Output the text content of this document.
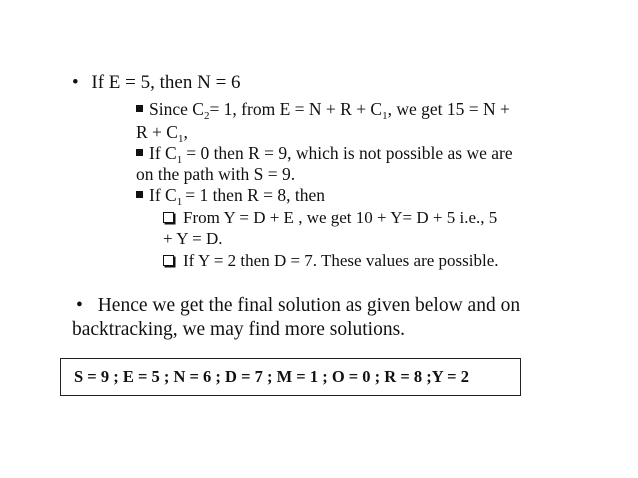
• If E = 5, then N = 6
Since $C_2= 1$, from $E = N + R + C_1$, we get 15 = N +
$R + C_1$,
If $C_1 = 0$ then R = 9, which is not possible as we are
on the path with S = 9.
If $C_1 = 1$ then R = 8, then
From Y = D + E , we get 10 + Y= D + 5 i.e., 5
+ Y = D.
If Y = 2 then D = 7. These values are possible.
• Hence we get the final solution as given below and on
backtracking, we may find more solutions.
S = 9 ; E = 5 ; N = 6 ; D = 7 ; M = 1 ; O = 0 ; R = 8 ;Y = 2
